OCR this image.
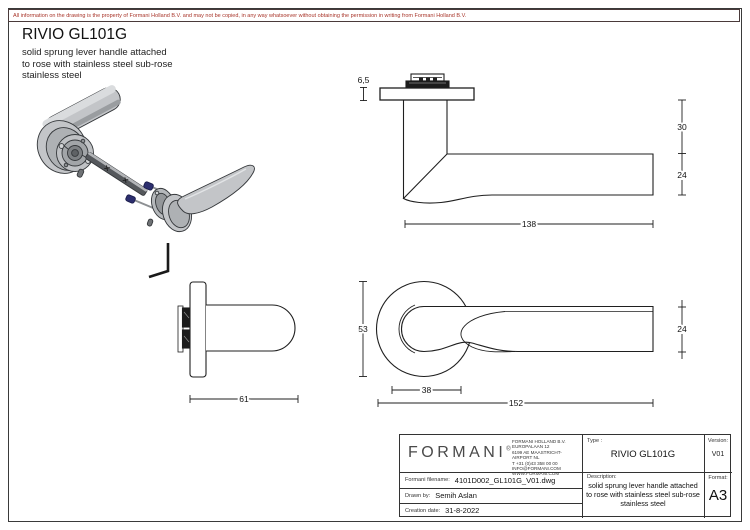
All information on the drawing is the property of Formani Holland B.V. and may not be copied, in any way whatsoever without obtaining the permission in writing from Formani Holland B.V.
RIVIO GL101G
solid sprung lever handle attached
to rose with stainless steel sub-rose
stainless steel	6,5
30
24
138
53
38
152
24
61
FORMANI®
FORMANI HOLLAND B.V.
EUROPALAAN 12
6199 AE MAASTRICHT-AIRPORT NL
T +31 (0)43 358 00 00
INFO@FORMANI.COM
WWW.FORMANI.COM
Type :
RIVIO GL101G
Version:
V01
Formani filename: 4101D002_GL101G_V01.dwg
Drawn by: Semih Aslan
Creation date: 31-8-2022
Description:
solid sprung lever handle attached
to rose with stainless steel sub-rose
stainless steel
Format:
A3
